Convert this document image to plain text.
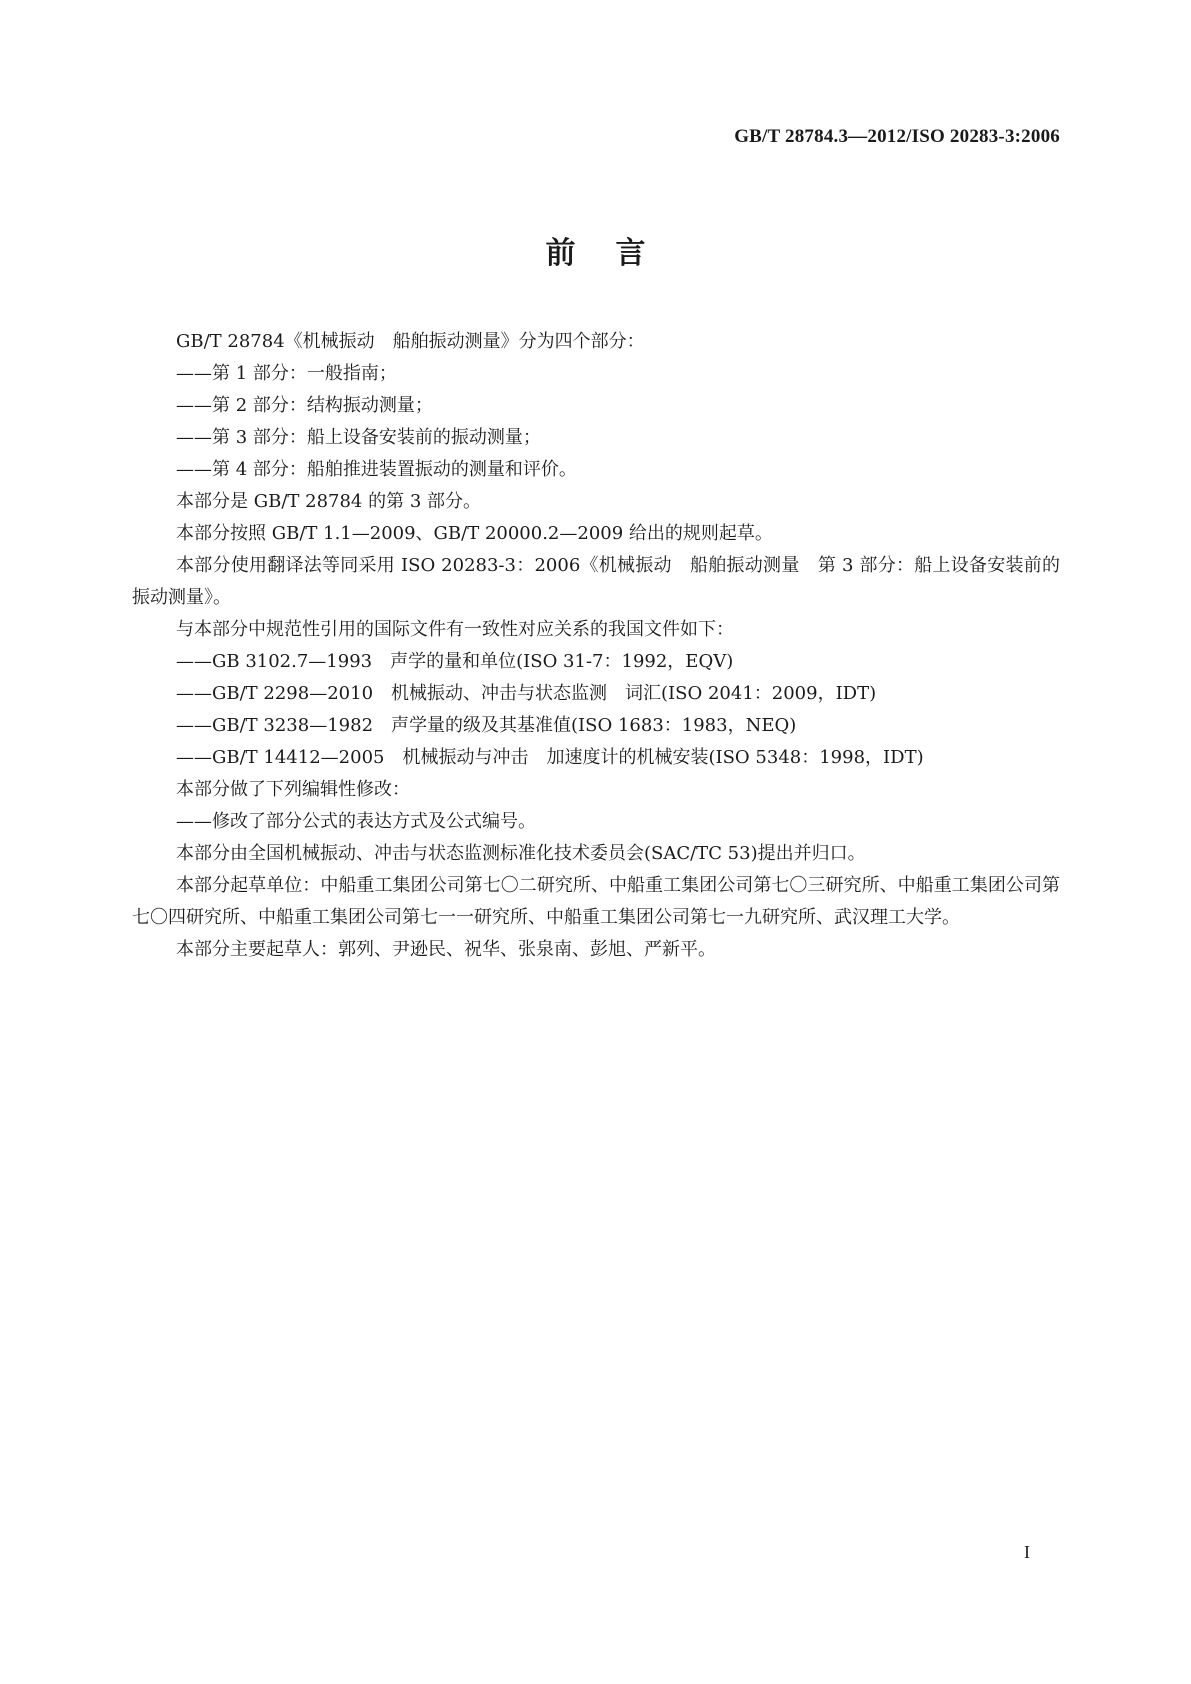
GB/T 28784.3—2012/ISO 20283-3:2006
前言

GB/T 28784《机械振动　船舶振动测量》分为四个部分：

——第 1 部分：一般指南；

——第 2 部分：结构振动测量；

——第 3 部分：船上设备安装前的振动测量；

——第 4 部分：船舶推进装置振动的测量和评价。

本部分是 GB/T 28784 的第 3 部分。

本部分按照 GB/T 1.1—2009、GB/T 20000.2—2009 给出的规则起草。

本部分使用翻译法等同采用 ISO 20283-3：2006《机械振动　船舶振动测量　第 3 部分：船上设备安装前的振动测量》。

与本部分中规范性引用的国际文件有一致性对应关系的我国文件如下：

——GB 3102.7—1993　声学的量和单位(ISO 31-7：1992，EQV)

——GB/T 2298—2010　机械振动、冲击与状态监测　词汇(ISO 2041：2009，IDT)

——GB/T 3238—1982　声学量的级及其基准值(ISO 1683：1983，NEQ)

——GB/T 14412—2005　机械振动与冲击　加速度计的机械安装(ISO 5348：1998，IDT)

本部分做了下列编辑性修改：

——修改了部分公式的表达方式及公式编号。

本部分由全国机械振动、冲击与状态监测标准化技术委员会(SAC/TC 53)提出并归口。

本部分起草单位：中船重工集团公司第七〇二研究所、中船重工集团公司第七〇三研究所、中船重工集团公司第七〇四研究所、中船重工集团公司第七一一研究所、中船重工集团公司第七一九研究所、武汉理工大学。

本部分主要起草人：郭列、尹逊民、祝华、张泉南、彭旭、严新平。

I
